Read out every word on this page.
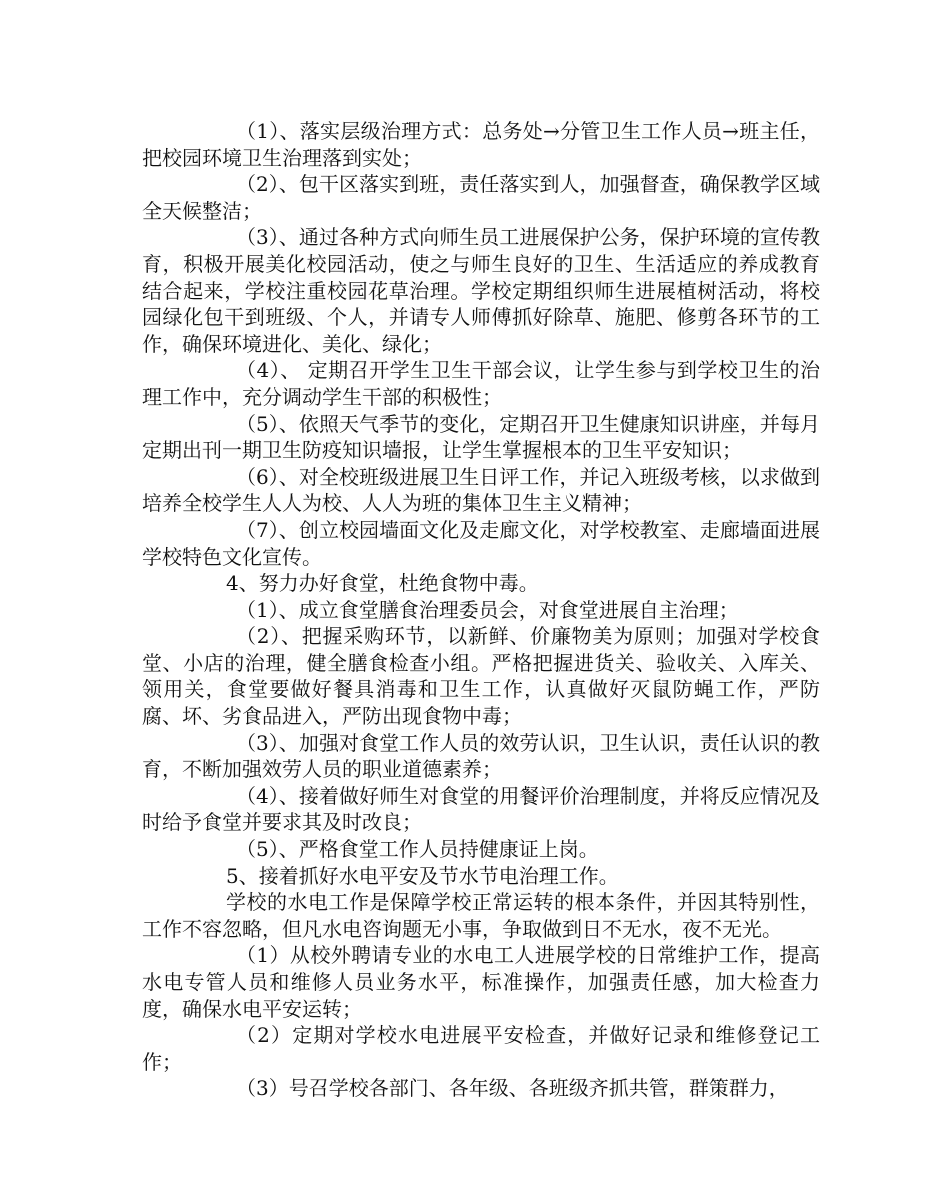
（1）、落实层级治理方式：总务处→分管卫生工作人员→班主任，把校园环境卫生治理落到实处；

（2）、包干区落实到班，责任落实到人，加强督查，确保教学区域全天候整洁；

（3）、通过各种方式向师生员工进展保护公务，保护环境的宣传教育，积极开展美化校园活动，使之与师生良好的卫生、生活适应的养成教育结合起来，学校注重校园花草治理。学校定期组织师生进展植树活动，将校园绿化包干到班级、个人，并请专人师傅抓好除草、施肥、修剪各环节的工作，确保环境进化、美化、绿化；

（4）、 定期召开学生卫生干部会议，让学生参与到学校卫生的治理工作中，充分调动学生干部的积极性；

（5）、依照天气季节的变化，定期召开卫生健康知识讲座，并每月定期出刊一期卫生防疫知识墙报，让学生掌握根本的卫生平安知识；

（6）、对全校班级进展卫生日评工作，并记入班级考核，以求做到培养全校学生人人为校、人人为班的集体卫生主义精神；

（7）、创立校园墙面文化及走廊文化，对学校教室、走廊墙面进展学校特色文化宣传。

4、努力办好食堂，杜绝食物中毒。

（1）、成立食堂膳食治理委员会，对食堂进展自主治理；

（2）、把握采购环节，以新鲜、价廉物美为原则；加强对学校食堂、小店的治理，健全膳食检查小组。严格把握进货关、验收关、入库关、领用关，食堂要做好餐具消毒和卫生工作，认真做好灭鼠防蝇工作，严防腐、坏、劣食品进入，严防出现食物中毒；

（3）、加强对食堂工作人员的效劳认识，卫生认识，责任认识的教育，不断加强效劳人员的职业道德素养；

（4）、接着做好师生对食堂的用餐评价治理制度，并将反应情况及时给予食堂并要求其及时改良；

（5）、严格食堂工作人员持健康证上岗。

5、接着抓好水电平安及节水节电治理工作。

学校的水电工作是保障学校正常运转的根本条件，并因其特别性，工作不容忽略，但凡水电咨询题无小事，争取做到日不无水，夜不无光。

（1）从校外聘请专业的水电工人进展学校的日常维护工作，提高水电专管人员和维修人员业务水平，标准操作，加强责任感，加大检查力度，确保水电平安运转；

（2）定期对学校水电进展平安检查，并做好记录和维修登记工作；

（3）号召学校各部门、各年级、各班级齐抓共管，群策群力，
